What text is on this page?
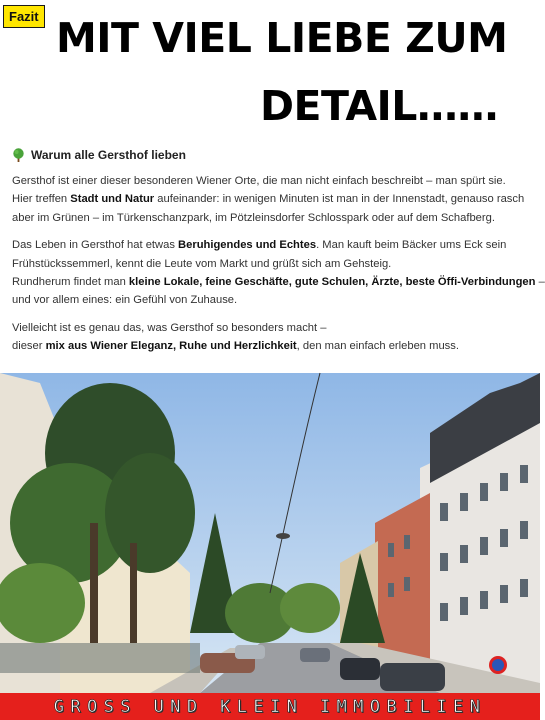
Fazit MIT VIEL LIEBE ZUM
DETAIL……
Warum alle Gersthof lieben
Gersthof ist einer dieser besonderen Wiener Orte, die man nicht einfach beschreibt – man spürt sie.
Hier treffen Stadt und Natur aufeinander: in wenigen Minuten ist man in der Innenstadt, genauso rasch
aber im Grünen – im Türkenschanzpark, im Pötzleinsdorfer Schlosspark oder auf dem Schafberg.
Das Leben in Gersthof hat etwas Beruhigendes und Echtes. Man kauft beim Bäcker ums Eck sein
Frühstückssemmerl, kennt die Leute vom Markt und grüßt sich am Gehsteig.
Rundherum findet man kleine Lokale, feine Geschäfte, gute Schulen, Ärzte, beste Öffi-Verbindungen –
und vor allem eines: ein Gefühl von Zuhause.
Vielleicht ist es genau das, was Gersthof so besonders macht –
dieser mix aus Wiener Eleganz, Ruhe und Herzlichkeit, den man einfach erleben muss.
GROSS UND KLEIN IMMOBILIEN
